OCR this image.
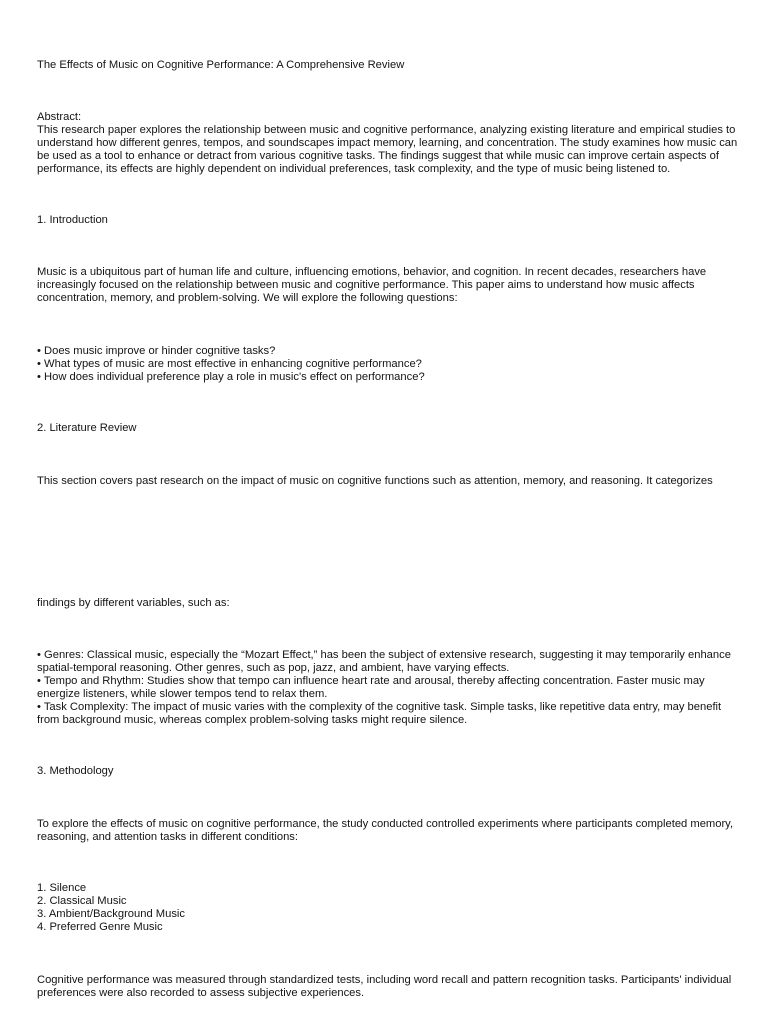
The Effects of Music on Cognitive Performance: A Comprehensive Review

Abstract:
This research paper explores the relationship between music and cognitive performance, analyzing existing literature and empirical studies to
understand how different genres, tempos, and soundscapes impact memory, learning, and concentration. The study examines how music can
be used as a tool to enhance or detract from various cognitive tasks. The findings suggest that while music can improve certain aspects of
performance, its effects are highly dependent on individual preferences, task complexity, and the type of music being listened to.

1. Introduction

Music is a ubiquitous part of human life and culture, influencing emotions, behavior, and cognition. In recent decades, researchers have
increasingly focused on the relationship between music and cognitive performance. This paper aims to understand how music affects
concentration, memory, and problem-solving. We will explore the following questions:
• Does music improve or hinder cognitive tasks?
• What types of music are most effective in enhancing cognitive performance?
• How does individual preference play a role in music's effect on performance?

2. Literature Review

This section covers past research on the impact of music on cognitive functions such as attention, memory, and reasoning. It categorizes

findings by different variables, such as:

• Genres: Classical music, especially the “Mozart Effect,” has been the subject of extensive research, suggesting it may temporarily enhance
spatial-temporal reasoning. Other genres, such as pop, jazz, and ambient, have varying effects.
• Tempo and Rhythm: Studies show that tempo can influence heart rate and arousal, thereby affecting concentration. Faster music may
energize listeners, while slower tempos tend to relax them.
• Task Complexity: The impact of music varies with the complexity of the cognitive task. Simple tasks, like repetitive data entry, may benefit
from background music, whereas complex problem-solving tasks might require silence.

3. Methodology

To explore the effects of music on cognitive performance, the study conducted controlled experiments where participants completed memory,
reasoning, and attention tasks in different conditions:
1. Silence
2. Classical Music
3. Ambient/Background Music
4. Preferred Genre Music
Cognitive performance was measured through standardized tests, including word recall and pattern recognition tasks. Participants' individual
preferences were also recorded to assess subjective experiences.
